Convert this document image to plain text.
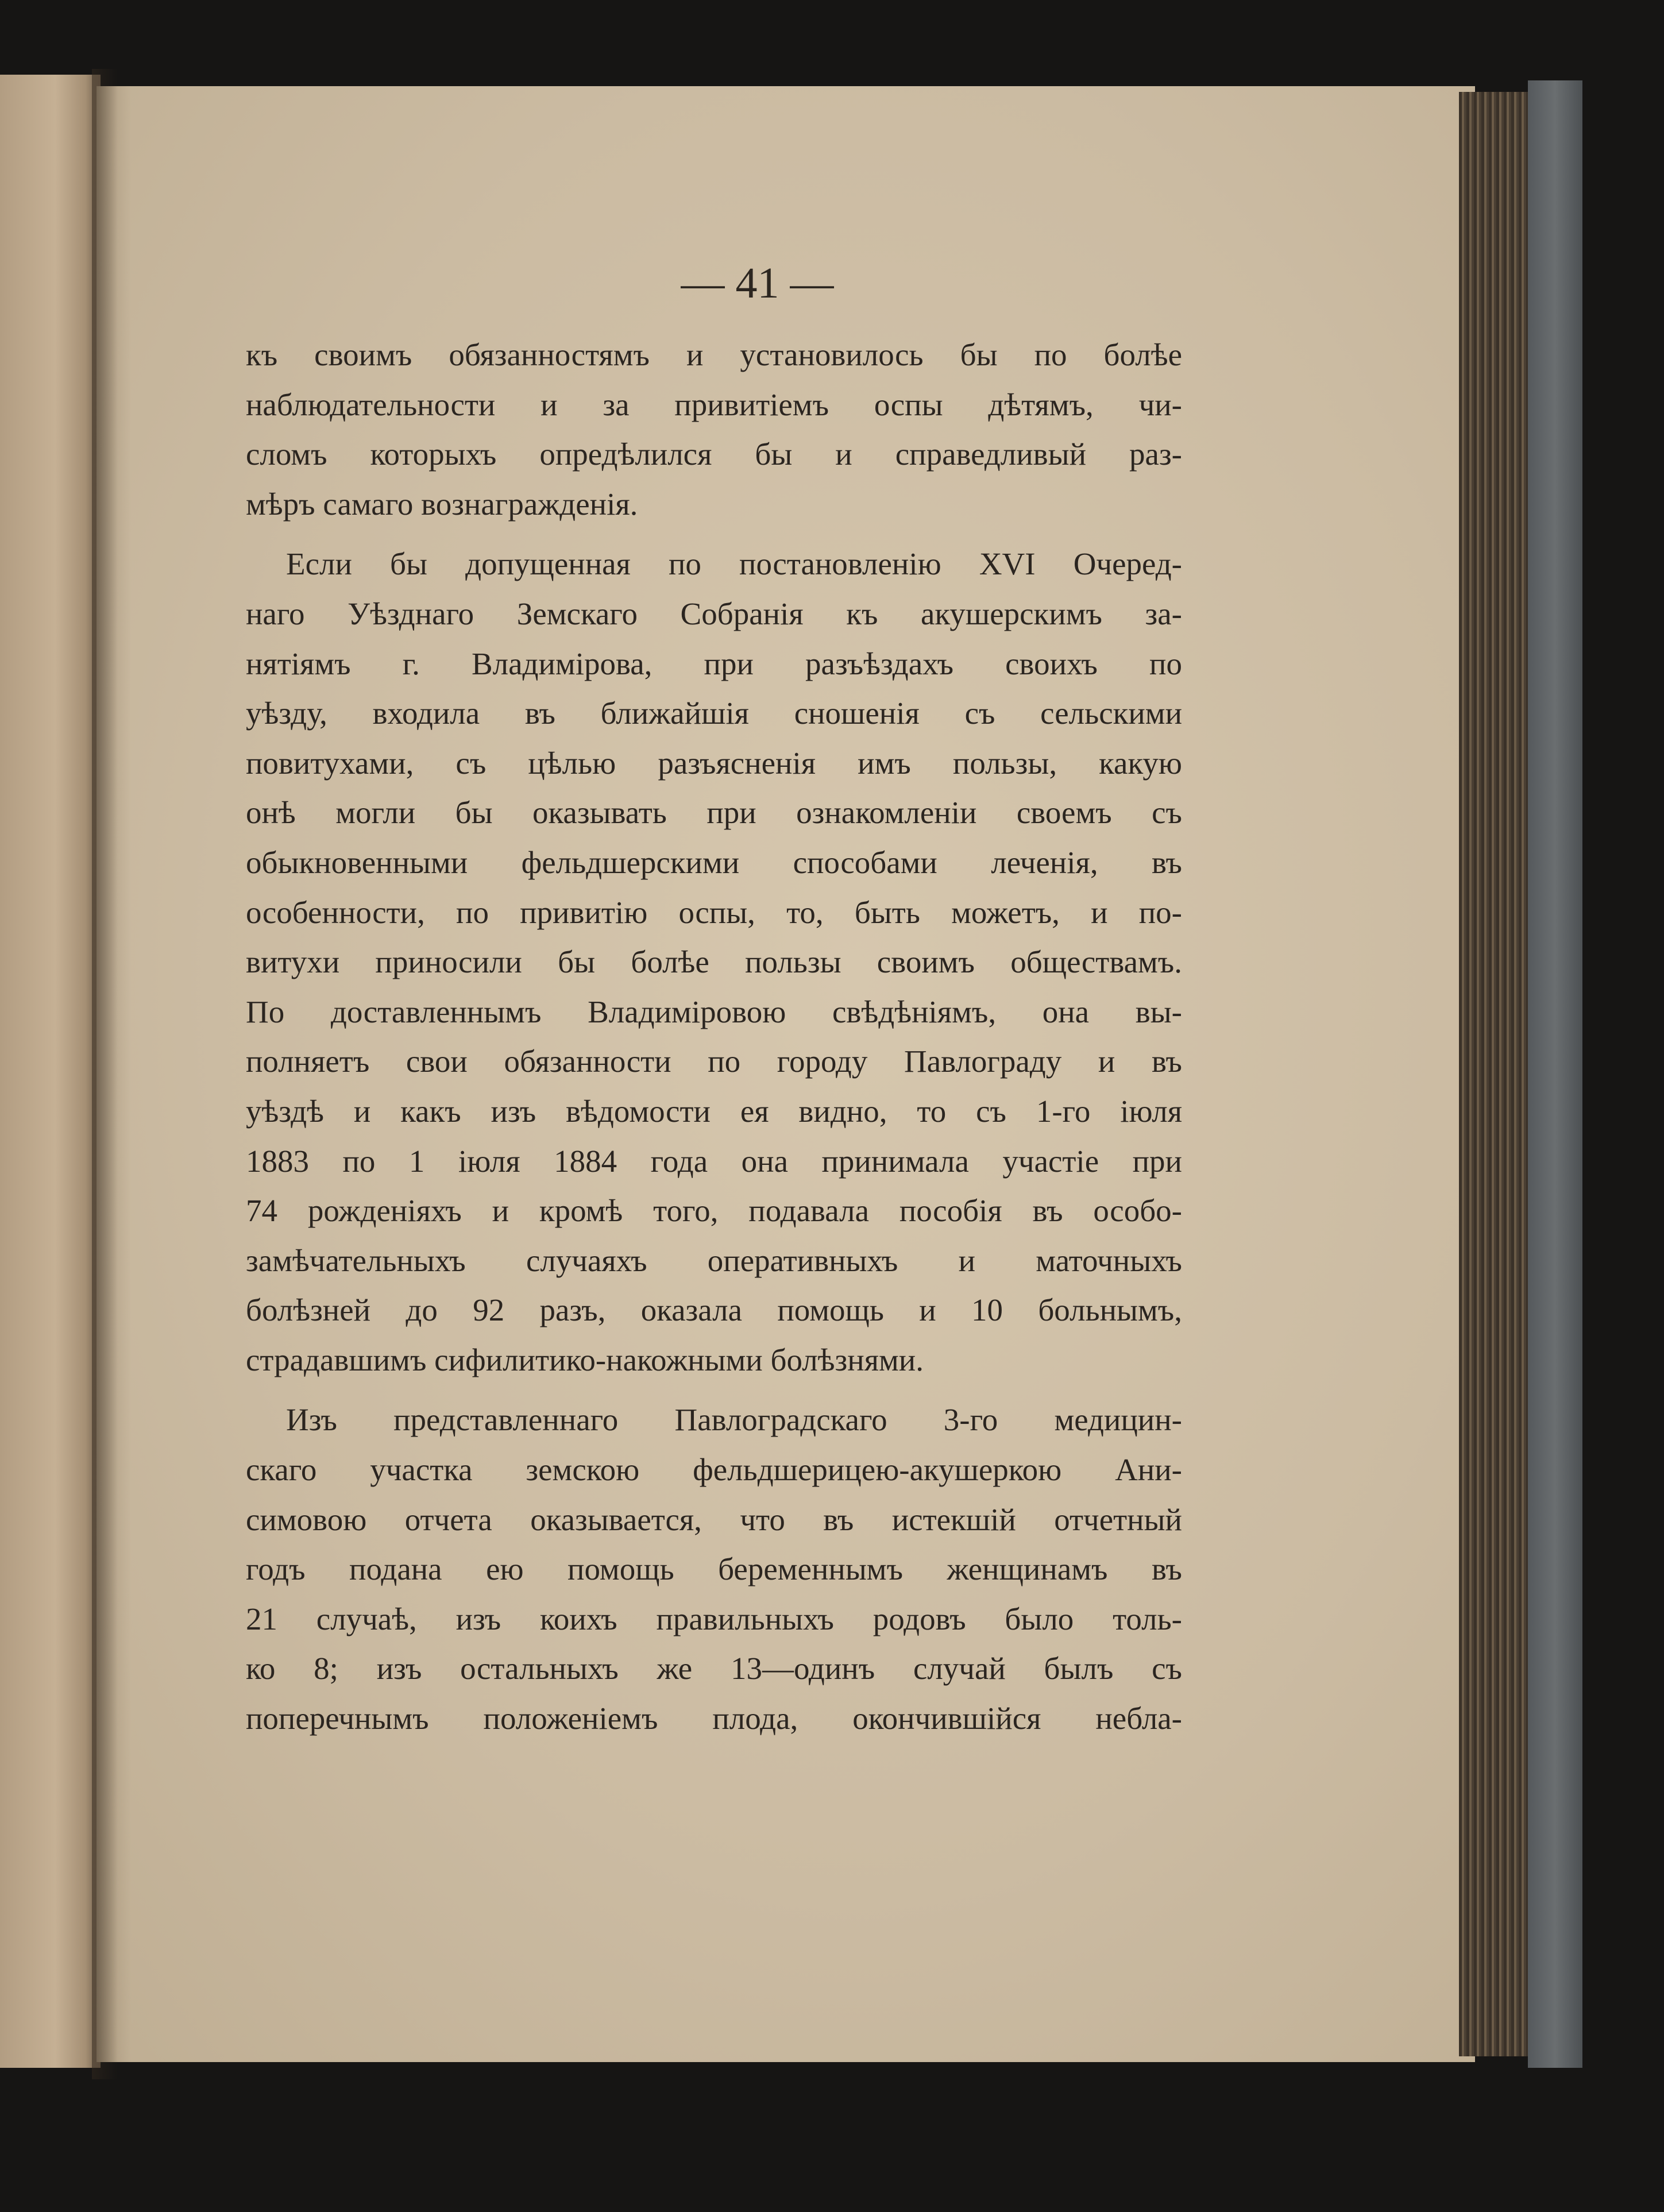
— 41 —
къ своимъ обязанностямъ и установилось бы по болѣе
наблюдательности и за привитіемъ оспы дѣтямъ, чи-
сломъ которыхъ опредѣлился бы и справедливый раз-
мѣръ самаго вознагражденія.
Если бы допущенная по постановленію XVI Очеред-
наго Уѣзднаго Земскаго Собранія къ акушерскимъ за-
нятіямъ г. Владимірова, при разъѣздахъ своихъ по
уѣзду, входила въ ближайшія сношенія съ сельскими
повитухами, съ цѣлью разъясненія имъ пользы, какую
онѣ могли бы оказывать при ознакомленіи своемъ съ
обыкновенными фельдшерскими способами леченія, въ
особенности, по привитію оспы, то, быть можетъ, и по-
витухи приносили бы болѣе пользы своимъ обществамъ.
По доставленнымъ Владиміровою свѣдѣніямъ, она вы-
полняетъ свои обязанности по городу Павлограду и въ
уѣздѣ и какъ изъ вѣдомости ея видно, то съ 1-го іюля
1883 по 1 іюля 1884 года она принимала участіе при
74 рожденіяхъ и кромѣ того, подавала пособія въ особо-
замѣчательныхъ случаяхъ оперативныхъ и маточныхъ
болѣзней до 92 разъ, оказала помощь и 10 больнымъ,
страдавшимъ сифилитико-накожными болѣзнями.
Изъ представленнаго Павлоградскаго 3-го медицин-
скаго участка земскою фельдшерицею-акушеркою Ани-
симовою отчета оказывается, что въ истекшій отчетный
годъ подана ею помощь беременнымъ женщинамъ въ
21 случаѣ, изъ коихъ правильныхъ родовъ было толь-
ко 8; изъ остальныхъ же 13—одинъ случай былъ съ
поперечнымъ положеніемъ плода, окончившійся неблa-
